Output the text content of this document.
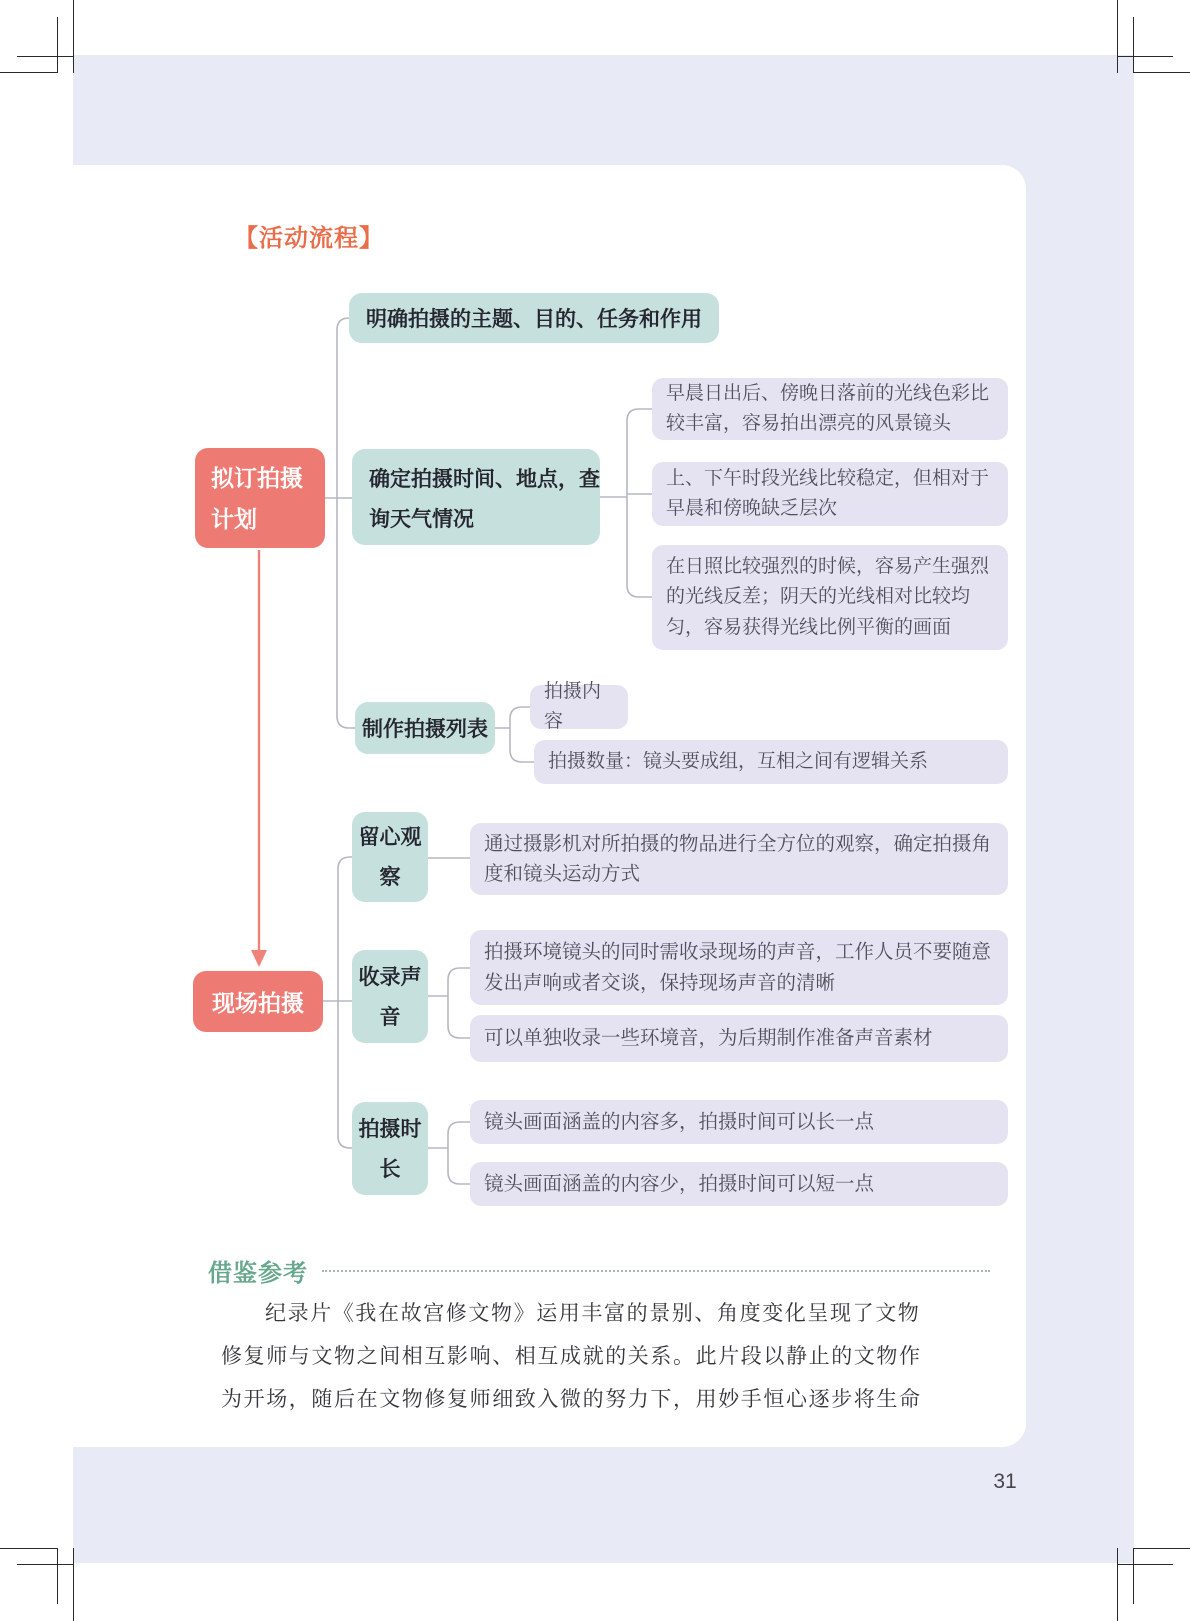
【活动流程】
拟订拍摄计划
现场拍摄
明确拍摄的主题、目的、任务和作用
确定拍摄时间、地点，查询天气情况
制作拍摄列表
留心观察
收录声音
拍摄时长
早晨日出后、傍晚日落前的光线色彩比较丰富，容易拍出漂亮的风景镜头
上、下午时段光线比较稳定，但相对于早晨和傍晚缺乏层次
在日照比较强烈的时候，容易产生强烈的光线反差；阴天的光线相对比较均匀，容易获得光线比例平衡的画面
拍摄内容
拍摄数量：镜头要成组，互相之间有逻辑关系
通过摄影机对所拍摄的物品进行全方位的观察，确定拍摄角度和镜头运动方式
拍摄环境镜头的同时需收录现场的声音，工作人员不要随意发出声响或者交谈，保持现场声音的清晰
可以单独收录一些环境音，为后期制作准备声音素材
镜头画面涵盖的内容多，拍摄时间可以长一点
镜头画面涵盖的内容少，拍摄时间可以短一点
借鉴参考
纪录片《我在故宫修文物》运用丰富的景别、角度变化呈现了文物
修复师与文物之间相互影响、相互成就的关系。此片段以静止的文物作
为开场，随后在文物修复师细致入微的努力下，用妙手恒心逐步将生命
31
